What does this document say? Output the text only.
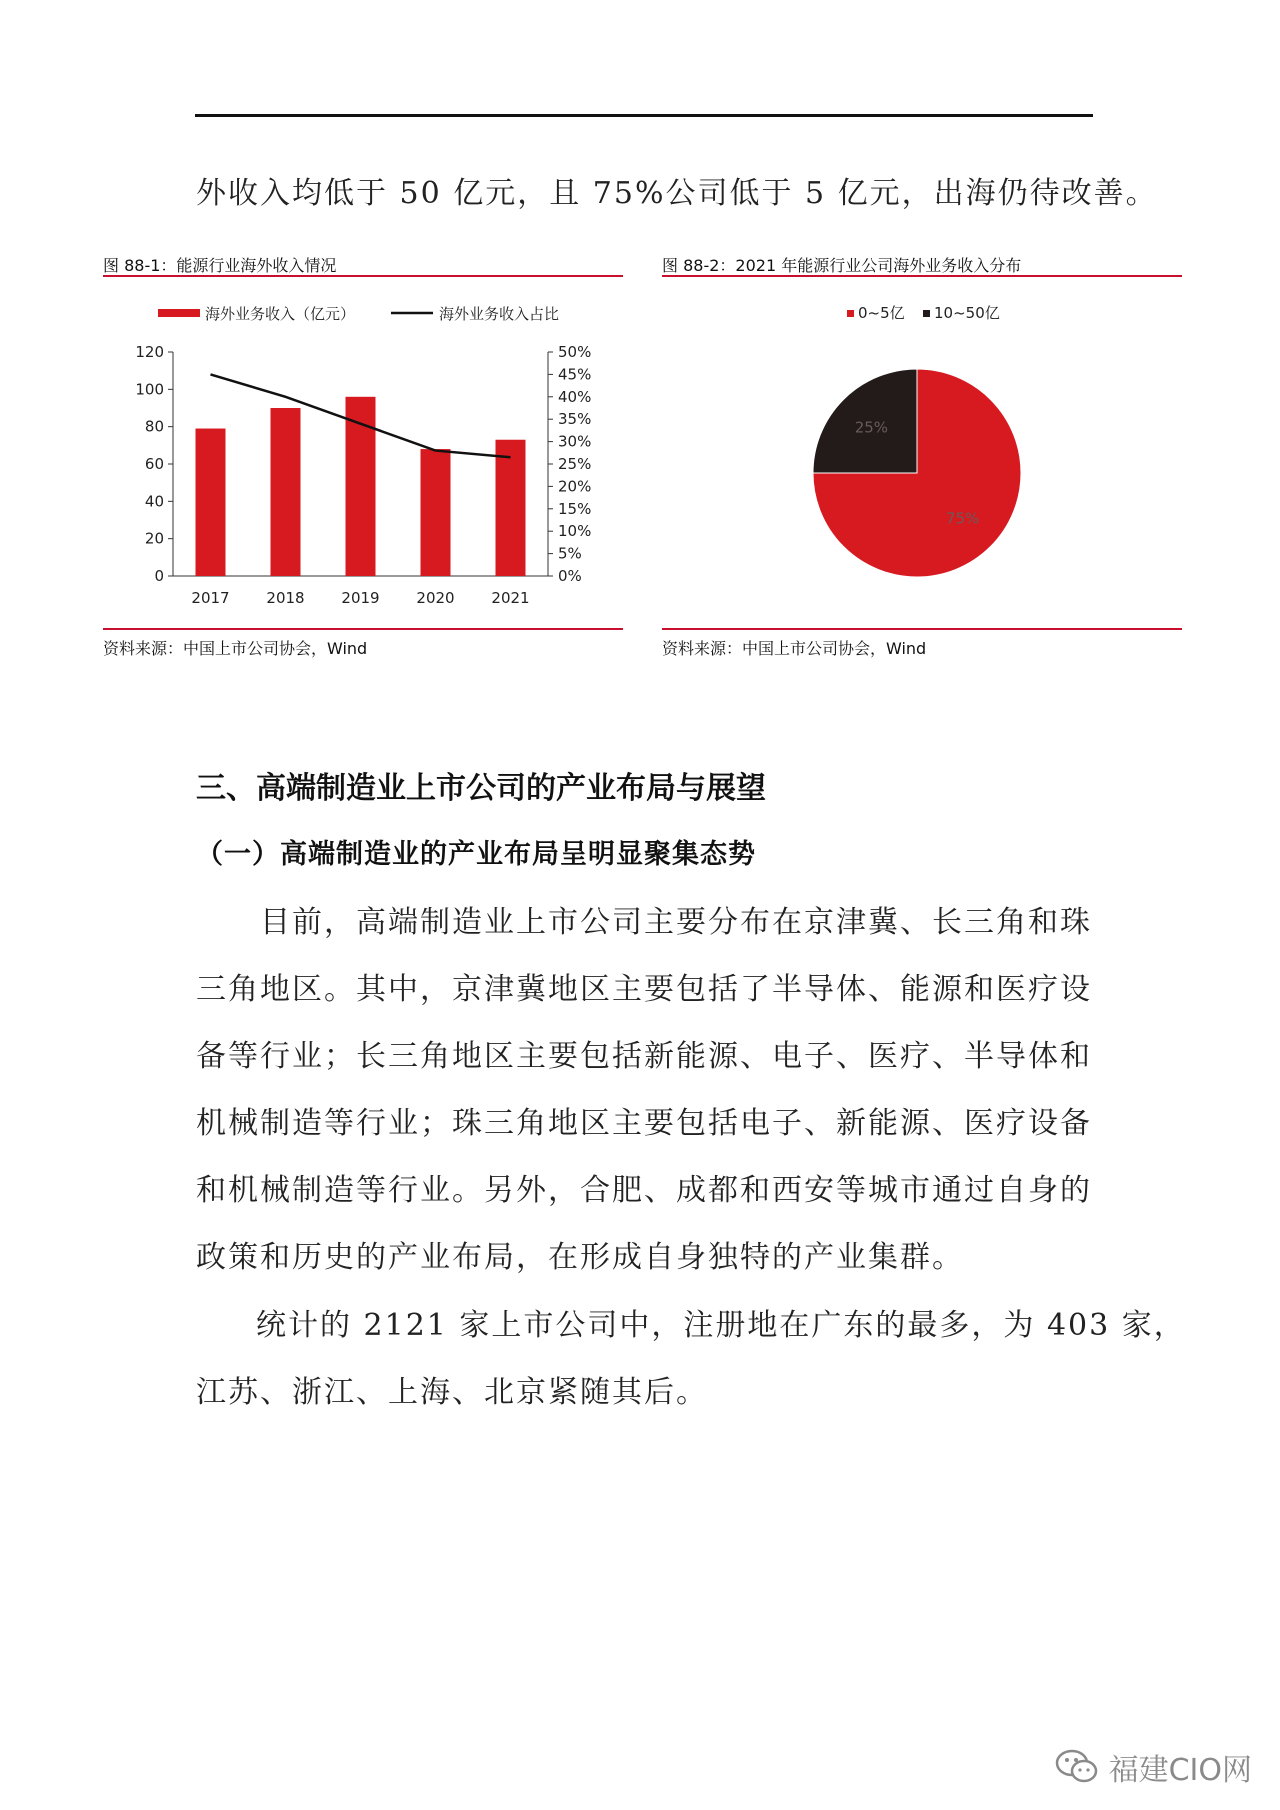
外收入均低于 50 亿元，且 75%公司低于 5 亿元，出海仍待改善。
图 88-1：能源行业海外收入情况
海外业务收入（亿元）	海外业务收入占比
0
20
40
60
80
100
120
0%
5%
10%
15%
20%
25%
30%
35%
40%
45%
50%
2017 2018 2019 2020 2021
资料来源：中国上市公司协会，Wind
图 88-2：2021 年能源行业公司海外业务收入分布
0~5亿 10~50亿
75%
25%
资料来源：中国上市公司协会，Wind
三、高端制造业上市公司的产业布局与展望
（一）高端制造业的产业布局呈明显聚集态势
目前，高端制造业上市公司主要分布在京津冀、长三角和珠
三角地区。其中，京津冀地区主要包括了半导体、能源和医疗设
备等行业；长三角地区主要包括新能源、电子、医疗、半导体和
机械制造等行业；珠三角地区主要包括电子、新能源、医疗设备
和机械制造等行业。另外，合肥、成都和西安等城市通过自身的
政策和历史的产业布局，在形成自身独特的产业集群。
统计的 2121 家上市公司中，注册地在广东的最多，为 403 家，
江苏、浙江、上海、北京紧随其后。
福建CIO网
